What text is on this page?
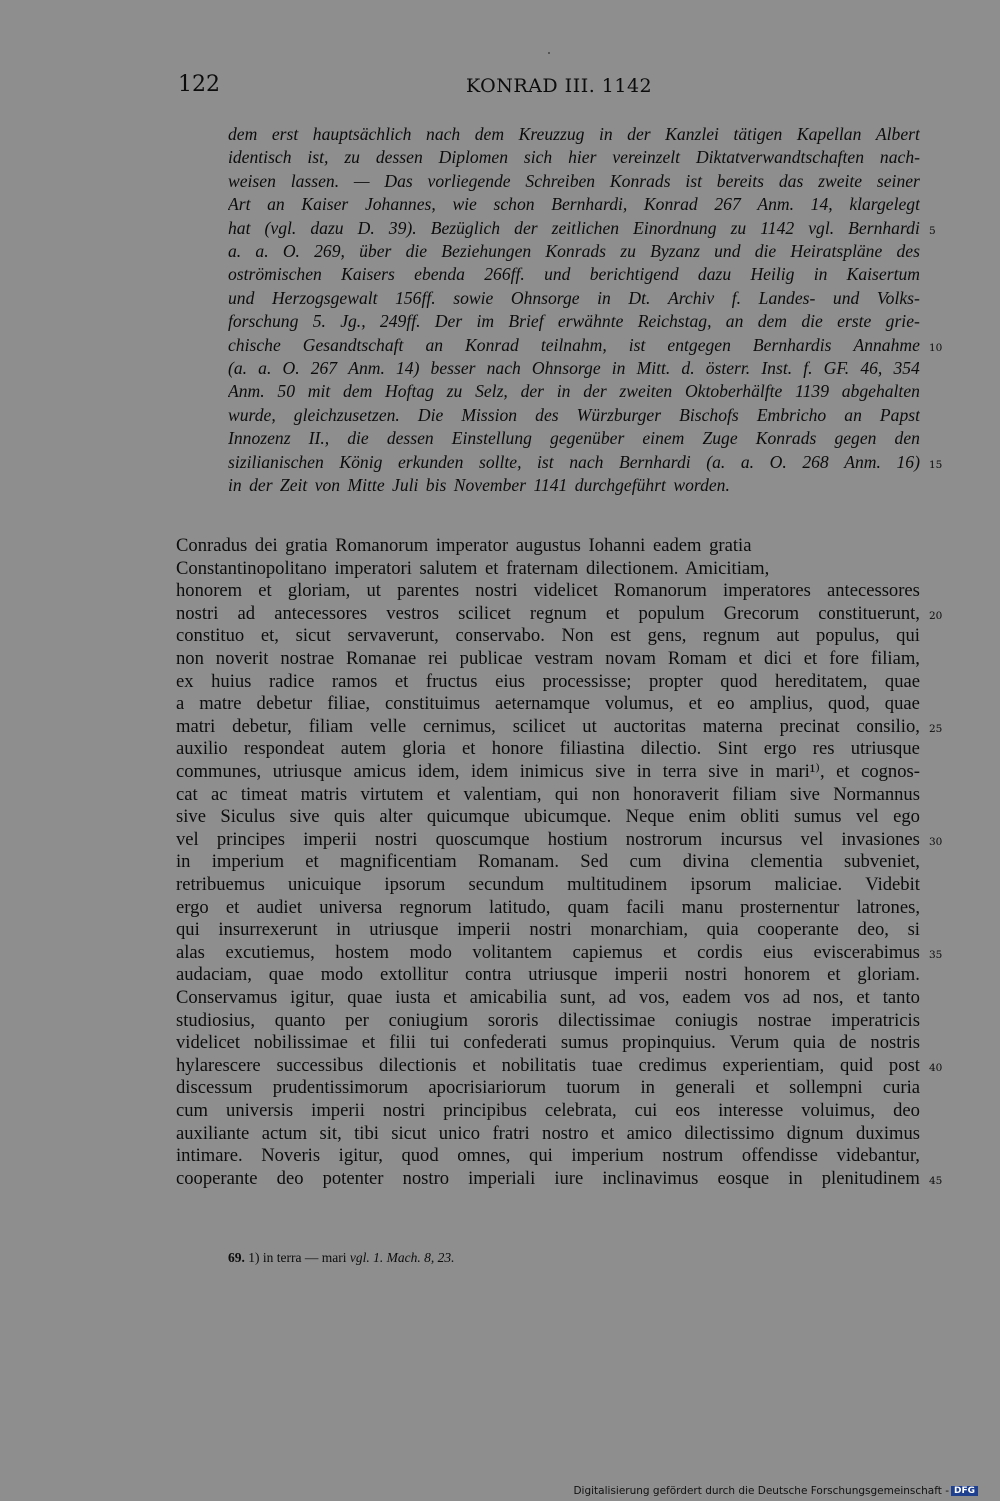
122	KONRAD III. 1142
dem erst hauptsächlich nach dem Kreuzzug in der Kanzlei tätigen Kapellan Albert
identisch ist, zu dessen Diplomen sich hier vereinzelt Diktatverwandtschaften nach-
weisen lassen. — Das vorliegende Schreiben Konrads ist bereits das zweite seiner
Art an Kaiser Johannes, wie schon Bernhardi, Konrad 267 Anm. 14, klargelegt
hat (vgl. dazu D. 39). Bezüglich der zeitlichen Einordnung zu 1142 vgl. Bernhardi
a. a. O. 269, über die Beziehungen Konrads zu Byzanz und die Heiratspläne des
oströmischen Kaisers ebenda 266ff. und berichtigend dazu Heilig in Kaisertum
und Herzogsgewalt 156ff. sowie Ohnsorge in Dt. Archiv f. Landes- und Volks-
forschung 5. Jg., 249ff. Der im Brief erwähnte Reichstag, an dem die erste grie-
chische Gesandtschaft an Konrad teilnahm, ist entgegen Bernhardis Annahme
(a. a. O. 267 Anm. 14) besser nach Ohnsorge in Mitt. d. österr. Inst. f. GF. 46, 354
Anm. 50 mit dem Hoftag zu Selz, der in der zweiten Oktoberhälfte 1139 abgehalten
wurde, gleichzusetzen. Die Mission des Würzburger Bischofs Embricho an Papst
Innozenz II., die dessen Einstellung gegenüber einem Zuge Konrads gegen den
sizilianischen König erkunden sollte, ist nach Bernhardi (a. a. O. 268 Anm. 16)
in der Zeit von Mitte Juli bis November 1141 durchgeführt worden.
5
10
15
Conradus dei gratia Romanorum imperator augustus Iohanni eadem gratia
Constantinopolitano imperatori salutem et fraternam dilectionem. Amicitiam,
honorem et gloriam, ut parentes nostri videlicet Romanorum imperatores antecessores
nostri ad antecessores vestros scilicet regnum et populum Grecorum constituerunt,
constituo et, sicut servaverunt, conservabo. Non est gens, regnum aut populus, qui
non noverit nostrae Romanae rei publicae vestram novam Romam et dici et fore filiam,
ex huius radice ramos et fructus eius processisse; propter quod hereditatem, quae
a matre debetur filiae, constituimus aeternamque volumus, et eo amplius, quod, quae
matri debetur, filiam velle cernimus, scilicet ut auctoritas materna precinat consilio,
auxilio respondeat autem gloria et honore filiastina dilectio. Sint ergo res utriusque
communes, utriusque amicus idem, idem inimicus sive in terra sive in mari¹⁾, et cognos-
cat ac timeat matris virtutem et valentiam, qui non honoraverit filiam sive Normannus
sive Siculus sive quis alter quicumque ubicumque. Neque enim obliti sumus vel ego
vel principes imperii nostri quoscumque hostium nostrorum incursus vel invasiones
in imperium et magnificentiam Romanam. Sed cum divina clementia subveniet,
retribuemus unicuique ipsorum secundum multitudinem ipsorum maliciae. Videbit
ergo et audiet universa regnorum latitudo, quam facili manu prosternentur latrones,
qui insurrexerunt in utriusque imperii nostri monarchiam, quia cooperante deo, si
alas excutiemus, hostem modo volitantem capiemus et cordis eius eviscerabimus
audaciam, quae modo extollitur contra utriusque imperii nostri honorem et gloriam.
Conservamus igitur, quae iusta et amicabilia sunt, ad vos, eadem vos ad nos, et tanto
studiosius, quanto per coniugium sororis dilectissimae coniugis nostrae imperatricis
videlicet nobilissimae et filii tui confederati sumus propinquius. Verum quia de nostris
hylarescere successibus dilectionis et nobilitatis tuae credimus experientiam, quid post
discessum prudentissimorum apocrisiariorum tuorum in generali et sollempni curia
cum universis imperii nostri principibus celebrata, cui eos interesse voluimus, deo
auxiliante actum sit, tibi sicut unico fratri nostro et amico dilectissimo dignum duximus
intimare. Noveris igitur, quod omnes, qui imperium nostrum offendisse videbantur,
cooperante deo potenter nostro imperiali iure inclinavimus eosque in plenitudinem
20
25
30
35
40
45
69. 1) in terra — mari vgl. 1. Mach. 8, 23.
Digitalisierung gefördert durch die Deutsche Forschungsgemeinschaft - DFG
